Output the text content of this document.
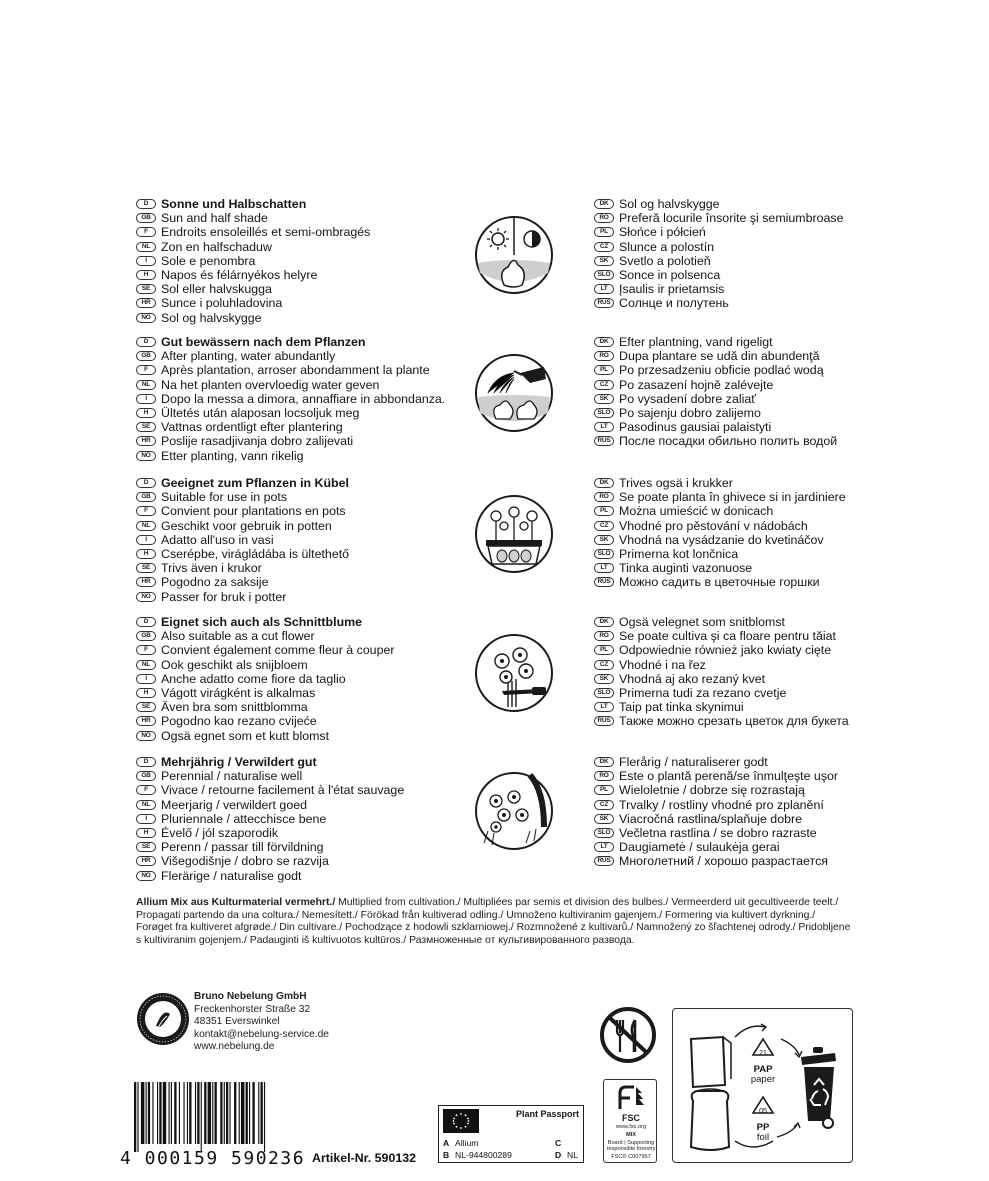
D	Sonne und Halbschatten
GB Sun and half shade
F	Endroits ensoleillés et semi-ombragés
NL Zon en halfschaduw
I	Sole e penombra
H	Napos és félárnyékos helyre
SE Sol eller halvskugga
HR Sunce i poluhladovina
NO Sol og halvskygge
DK Sol og halvskygge
RO Preferă locurile însorite şi semiumbroase
PL Słońce i półcień
CZ Slunce a polostín
SK Svetlo a polotieň
SLO Sonce in polsenca
LT Įsaulis ir prietamsis
RUS Солнце и полутень
D	Gut bewässern nach dem Pflanzen
GB After planting, water abundantly
F	Après plantation, arroser abondamment la plante
NL Na het planten overvloedig water geven
I	Dopo la messa a dimora, annaffiare in abbondanza.
H	Ültetés után alaposan locsoljuk meg
SE Vattnas ordentligt efter plantering
HR Poslije rasadjivanja dobro zalijevati
NO Etter planting, vann rikelig
DK Efter plantning, vand rigeligt
RO Dupa plantare se udă din abundenţă
PL Po przesadzeniu obficie podlać wodą
CZ Po zasazení hojně zalévejte
SK Po vysadení dobre zaliať
SLO Po sajenju dobro zalijemo
LT Pasodinus gausiai palaistyti
RUS После посадки обильно полить водой
D	Geeignet zum Pflanzen in Kübel
GB Suitable for use in pots
F	Convient pour plantations en pots
NL Geschikt voor gebruik in potten
I	Adatto all'uso in vasi
H	Cserépbe, virágládába is ültethető
SE Trivs även i krukor
HR Pogodno za saksije
NO Passer for bruk i potter
DK Trives ogsä i krukker
RO Se poate planta în ghivece si in jardiniere
PL Można umieścić w donicach
CZ Vhodné pro pěstování v nádobách
SK Vhodná na vysádzanie do kvetináčov
SLO Primerna kot lončnica
LT Tinka auginti vazonuose
RUS Можно садить в цветочные горшки
D	Eignet sich auch als Schnittblume
GB Also suitable as a cut flower
F	Convient également comme fleur à couper
NL Ook geschikt als snijbloem
I	Anche adatto come fiore da taglio
H	Vágott virágként is alkalmas
SE Även bra som snittblomma
HR Pogodno kao rezano cvijeće
NO Ogsä egnet som et kutt blomst
DK Ogsä velegnet som snitblomst
RO Se poate cultiva şi ca floare pentru tăiat
PL Odpowiednie również jako kwiaty cięte
CZ Vhodné i na řez
SK Vhodná aj ako rezaný kvet
SLO Primerna tudi za rezano cvetje
LT Taip pat tinka skynimui
RUS Также можно срезать цветок для букета
D	Mehrjährig / Verwildert gut
GB Perennial / naturalise well
F	Vivace / retourne facilement à l'état sauvage
NL Meerjarig / verwildert goed
I	Pluriennale / attecchisce bene
H	Évelő / jól szaporodik
SE Perenn / passar till förvildning
HR Višegodišnje / dobro se razvija
NO Flerärige / naturalise godt
DK Flerårig / naturaliserer godt
RO Este o plantă perenă/se înmulţeşte uşor
PL Wieloletnie / dobrze się rozrastają
CZ Trvalky / rostliny vhodné pro zplanění
SK Viacročná rastlina/splaňuje dobre
SLO Večletna rastlina / se dobro razraste
LT Daugiametė / sulaukėja gerai
RUS Многолетний / хорошо разрастается
Allium Mix aus Kulturmaterial vermehrt./ Multiplied from cultivation./ Multipliées par semis et division des bulbes./ Vermeerderd uit gecultiveerde teelt./ Propagati partendo da una coltura./ Nemesített./ Förökad från kultiverad odling./ Umnoženo kultiviranim gajenjem./ Formering via kultivert dyrkning./ Forøget fra kultiveret afgrøde./ Din cultivare./ Pochodzące z hodowli szklarniowej./ Rozmnožené z kultivarů./ Namnožený zo šľachtenej odrody./ Pridobljene s kultiviranim gojenjem./ Padauginti iš kultivuotos kultūros./ Размноженные от культивированного развода.
Bruno Nebelung GmbH
Freckenhorster Straße 32
48351 Everswinkel
kontakt@nebelung-service.de
www.nebelung.de
4 000159 590236 Artikel-Nr. 590132
Plant Passport
A Allium	C
B NL-944800289	D NL
FSC
www.fsc.org
MIX
Board | Supporting responsible forestry
FSC® C007957
21
PAP
paper
05
PP
foil
